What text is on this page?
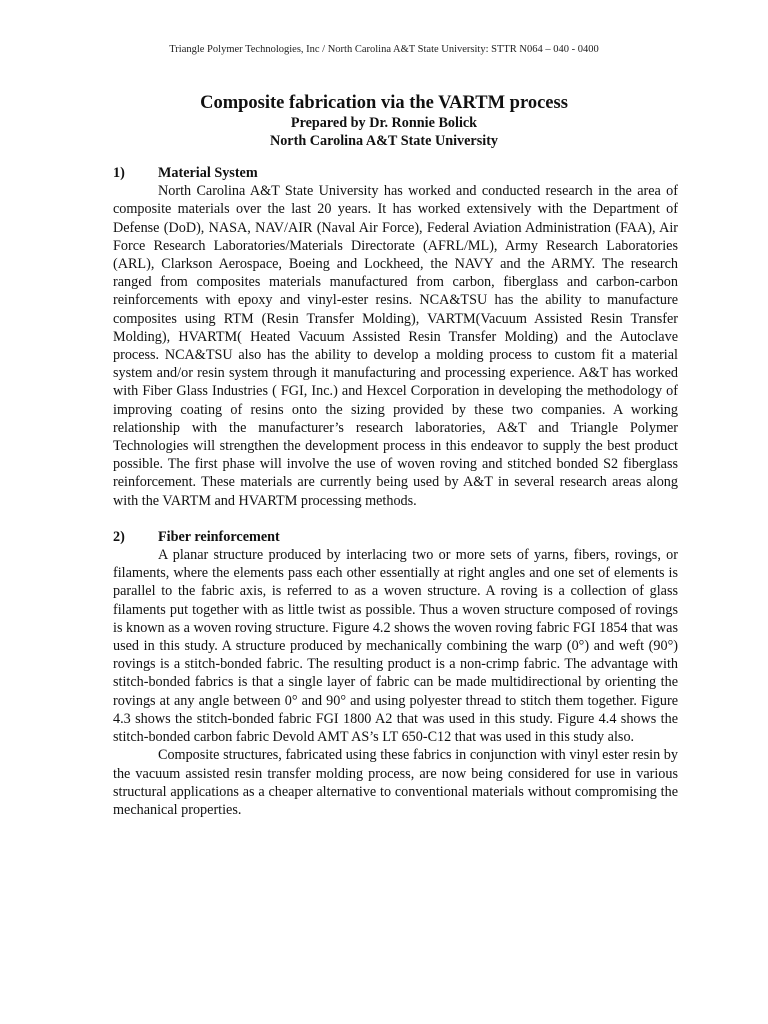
Triangle Polymer Technologies, Inc / North Carolina A&T State University: STTR N064 – 040 - 0400

Composite fabrication via the VARTM process

Prepared by Dr. Ronnie Bolick

North Carolina A&T State University

1)	Material System

North Carolina A&T State University has worked and conducted research in the area of composite materials over the last 20 years. It has worked extensively with the Department of Defense (DoD), NASA, NAV/AIR (Naval Air Force), Federal Aviation Administration (FAA), Air Force Research Laboratories/Materials Directorate (AFRL/ML), Army Research Laboratories (ARL), Clarkson Aerospace, Boeing and Lockheed, the NAVY and the ARMY. The research ranged from composites materials manufactured from carbon, fiberglass and carbon-carbon reinforcements with epoxy and vinyl-ester resins. NCA&TSU has the ability to manufacture composites using RTM (Resin Transfer Molding), VARTM(Vacuum Assisted Resin Transfer Molding), HVARTM( Heated Vacuum Assisted Resin Transfer Molding) and the Autoclave process. NCA&TSU also has the ability to develop a molding process to custom fit a material system and/or resin system through it manufacturing and processing experience. A&T has worked with Fiber Glass Industries ( FGI, Inc.) and Hexcel Corporation in developing the methodology of improving coating of resins onto the sizing provided by these two companies. A working relationship with the manufacturer’s research laboratories, A&T and Triangle Polymer Technologies will strengthen the development process in this endeavor to supply the best product possible. The first phase will involve the use of woven roving and stitched bonded S2 fiberglass reinforcement. These materials are currently being used by A&T in several research areas along with the VARTM and HVARTM processing methods.

2)	Fiber reinforcement

A planar structure produced by interlacing two or more sets of yarns, fibers, rovings, or filaments, where the elements pass each other essentially at right angles and one set of elements is parallel to the fabric axis, is referred to as a woven structure. A roving is a collection of glass filaments put together with as little twist as possible. Thus a woven structure composed of rovings is known as a woven roving structure. Figure 4.2 shows the woven roving fabric FGI 1854 that was used in this study. A structure produced by mechanically combining the warp (0°) and weft (90°) rovings is a stitch-bonded fabric. The resulting product is a non-crimp fabric. The advantage with stitch-bonded fabrics is that a single layer of fabric can be made multidirectional by orienting the rovings at any angle between 0° and 90° and using polyester thread to stitch them together. Figure 4.3 shows the stitch-bonded fabric FGI 1800 A2 that was used in this study. Figure 4.4 shows the stitch-bonded carbon fabric Devold AMT AS’s LT 650-C12 that was used in this study also.

Composite structures, fabricated using these fabrics in conjunction with vinyl ester resin by the vacuum assisted resin transfer molding process, are now being considered for use in various structural applications as a cheaper alternative to conventional materials without compromising the mechanical properties.
